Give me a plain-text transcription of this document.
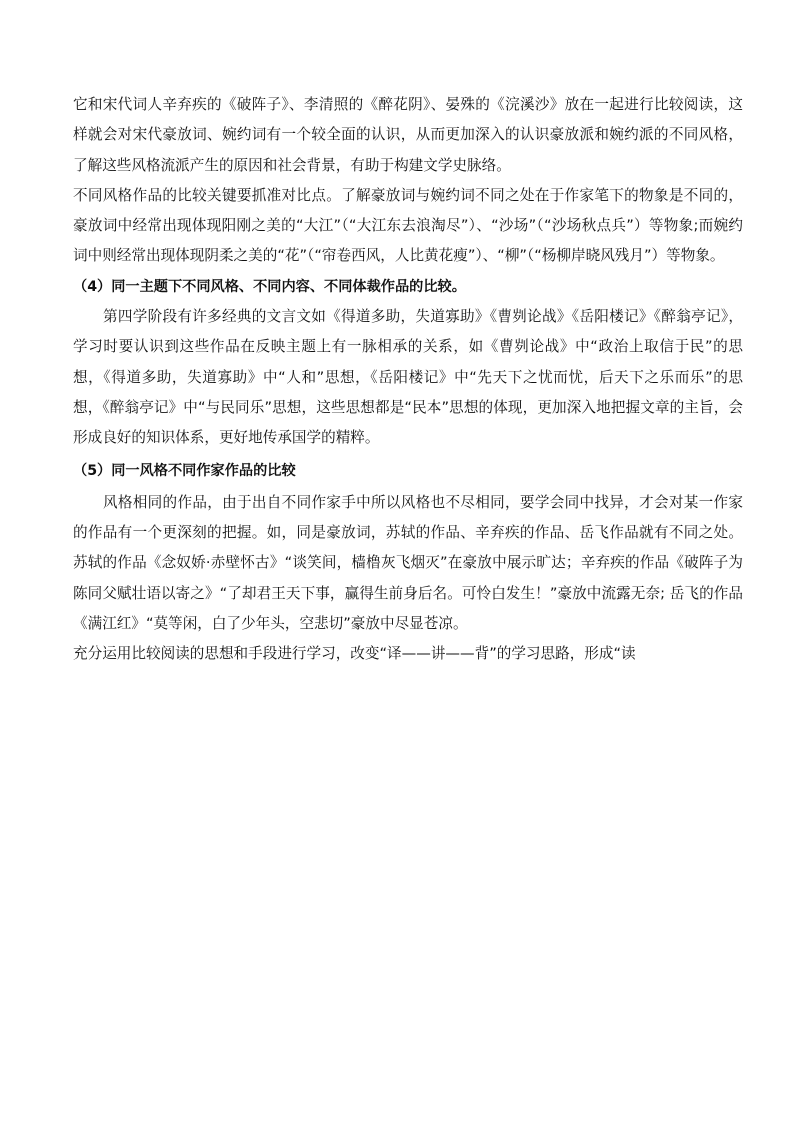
它和宋代词人辛弃疾的《破阵子》、李清照的《醉花阴》、晏殊的《浣溪沙》放在一起进行比较阅读，这样就会对宋代豪放词、婉约词有一个较全面的认识，从而更加深入的认识豪放派和婉约派的不同风格，了解这些风格流派产生的原因和社会背景，有助于构建文学史脉络。

不同风格作品的比较关键要抓准对比点。了解豪放词与婉约词不同之处在于作家笔下的物象是不同的，豪放词中经常出现体现阳刚之美的“大江”（“大江东去浪淘尽”）、“沙场”（“沙场秋点兵”）等物象;而婉约词中则经常出现体现阴柔之美的“花”（“帘卷西风，人比黄花瘦”）、“柳”（“杨柳岸晓风残月”）等物象。

（4）同一主题下不同风格、不同内容、不同体裁作品的比较。

第四学阶段有许多经典的文言文如《得道多助，失道寡助》《曹刿论战》《岳阳楼记》《醉翁亭记》，学习时要认识到这些作品在反映主题上有一脉相承的关系，如《曹刿论战》中“政治上取信于民”的思想，《得道多助，失道寡助》中“人和”思想，《岳阳楼记》中“先天下之忧而忧，后天下之乐而乐”的思想，《醉翁亭记》中“与民同乐”思想，这些思想都是“民本”思想的体现，更加深入地把握文章的主旨，会形成良好的知识体系，更好地传承国学的精粹。

（5）同一风格不同作家作品的比较

风格相同的作品，由于出自不同作家手中所以风格也不尽相同，要学会同中找异，才会对某一作家的作品有一个更深刻的把握。如，同是豪放词，苏轼的作品、辛弃疾的作品、岳飞作品就有不同之处。苏轼的作品《念奴娇·赤壁怀古》“谈笑间，樯橹灰飞烟灭”在豪放中展示旷达；辛弃疾的作品《破阵子为陈同父赋壮语以寄之》“了却君王天下事，赢得生前身后名。可怜白发生！”豪放中流露无奈; 岳飞的作品《满江红》“莫等闲，白了少年头，空悲切”豪放中尽显苍凉。

充分运用比较阅读的思想和手段进行学习，改变“译——讲——背”的学习思路，形成“读
